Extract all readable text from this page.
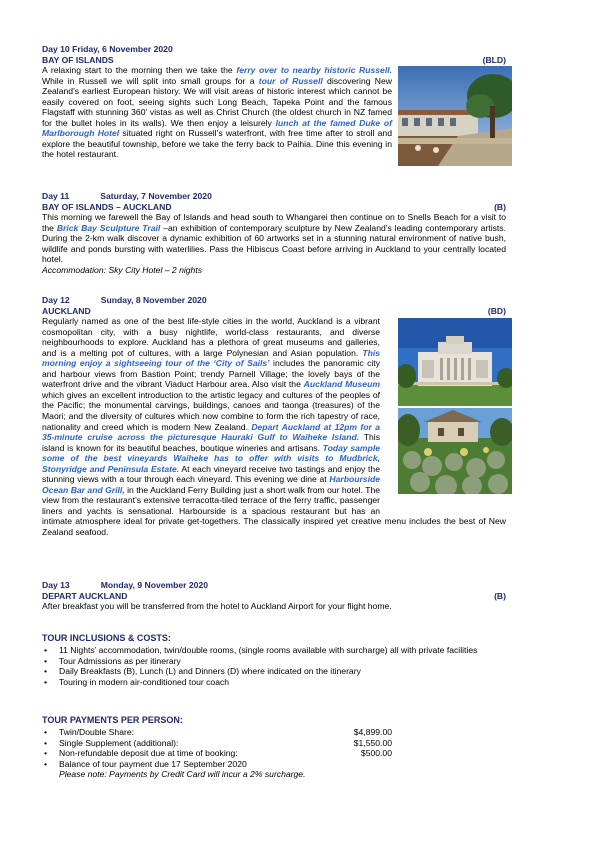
Day 10 Friday, 6 November 2020
BAY OF ISLANDS	(BLD)
A relaxing start to the morning then we take the ferry over to nearby historic Russell. While in Russell we will split into small groups for a tour of Russell discovering New Zealand’s earliest European history. We will visit areas of historic interest which cannot be easily covered on foot, seeing sights such Long Beach, Tapeka Point and the famous Flagstaff with stunning 360’ vistas as well as Christ Church (the oldest church in NZ famed for the bullet holes in its walls). We then enjoy a leisurely lunch at the famed Duke of Marlborough Hotel situated right on Russell’s waterfront, with free time after to stroll and explore the beautiful township, before we take the ferry back to Paihia. Dine this evening in the hotel restaurant.
Day 11	Saturday, 7 November 2020
BAY OF ISLANDS – AUCKLAND	(B)
This morning we farewell the Bay of Islands and head south to Whangarei then continue on to Snells Beach for a visit to the Brick Bay Sculpture Trail –an exhibition of contemporary sculpture by New Zealand’s leading contemporary artists. During the 2-km walk discover a dynamic exhibition of 60 artworks set in a stunning natural environment of native bush, wildlife and ponds bursting with waterlilies. Pass the Hibiscus Coast before arriving in Auckland to your centrally located hotel.
Accommodation: Sky City Hotel – 2 nights
Day 12	Sunday, 8 November 2020
AUCKLAND	(BD)
Regularly named as one of the best life-style cities in the world, Auckland is a vibrant cosmopolitan city, with a busy nightlife, world-class restaurants, and diverse neighbourhoods to explore. Auckland has a plethora of great museums and galleries, and is a melting pot of cultures, with a large Polynesian and Asian population. This morning enjoy a sightseeing tour of the ‘City of Sails’ includes the panoramic city and harbour views from Bastion Point; trendy Parnell Village; the lovely bays of the waterfront drive and the vibrant Viaduct Harbour area. Also visit the Auckland Museum which gives an excellent introduction to the artistic legacy and cultures of the peoples of the Pacific; the monumental carvings, buildings, canoes and taonga (treasures) of the Maori; and the diversity of cultures which now combine to form the rich tapestry of race, nationality and creed which is modern New Zealand. Depart Auckland at 12pm for a 35-minute cruise across the picturesque Hauraki Gulf to Waiheke Island. This island is known for its beautiful beaches, boutique wineries and artisans. Today sample some of the best vineyards Waiheke has to offer with visits to Mudbrick, Stonyridge and Peninsula Estate. At each vineyard receive two tastings and enjoy the stunning views with a tour through each vineyard. This evening we dine at Harbourside Ocean Bar and Grill, in the Auckland Ferry Building just a short walk from our hotel. The view from the restaurant’s extensive terracotta-tiled terrace of the ferry traffic, passenger liners and yachts is sensational. Harbourside is a spacious restaurant but has an intimate atmosphere ideal for private get-togethers. The classically inspired yet creative menu includes the best of New Zealand seafood.
Day 13	Monday, 9 November 2020
DEPART AUCKLAND	(B)
After breakfast you will be transferred from the hotel to Auckland Airport for your flight home.
TOUR INCLUSIONS & COSTS:
• 11 Nights’ accommodation, twin/double rooms, (single rooms available with surcharge) all with private facilities
• Tour Admissions as per itinerary
• Daily Breakfasts (B), Lunch (L) and Dinners (D) where indicated on the itinerary
• Touring in modern air-conditioned tour coach
TOUR PAYMENTS PER PERSON:
• Twin/Double Share:	$4,899.00
• Single Supplement (additional):	$1,550.00
• Non-refundable deposit due at time of booking:	$500.00
• Balance of tour payment due 17 September 2020
Please note: Payments by Credit Card will incur a 2% surcharge.
